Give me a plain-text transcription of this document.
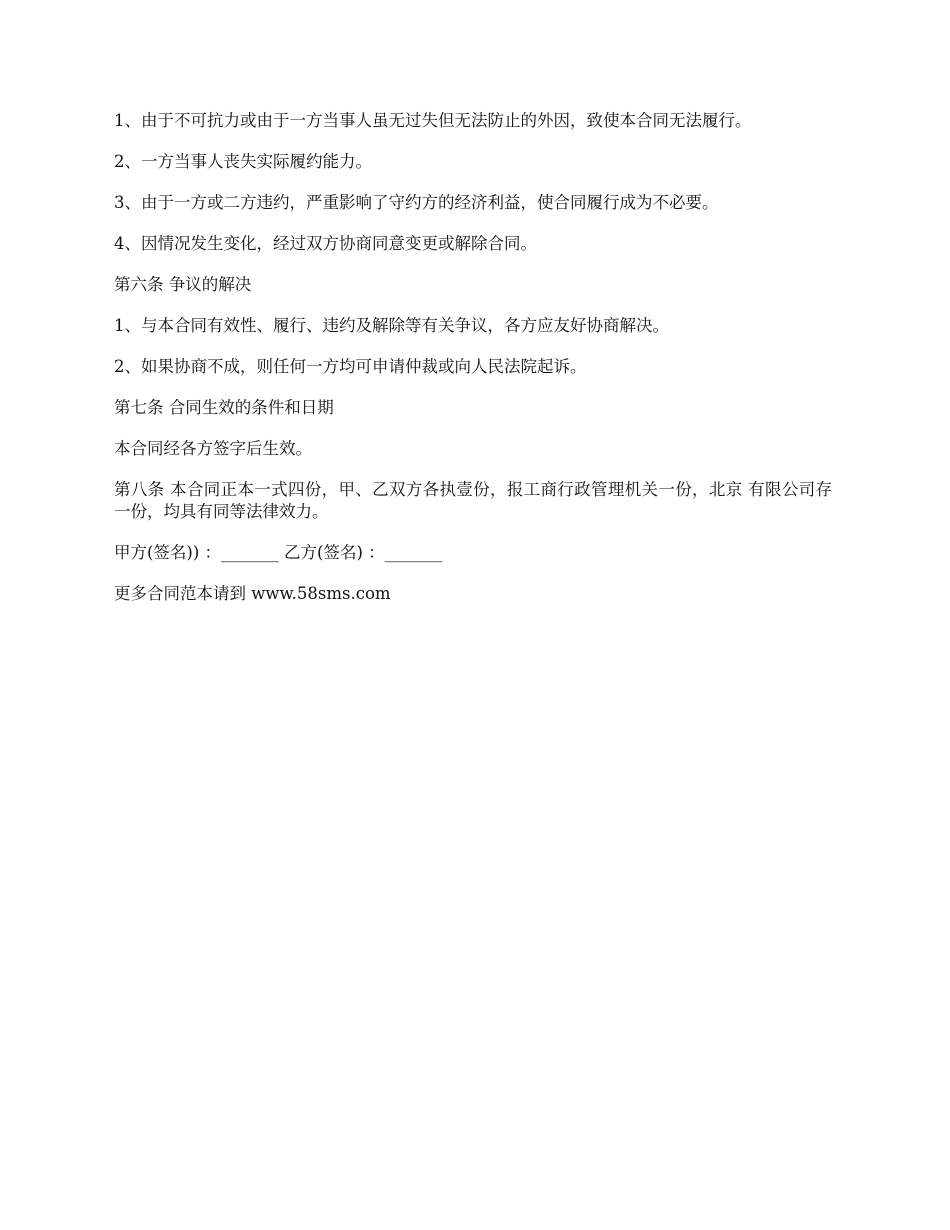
1、由于不可抗力或由于一方当事人虽无过失但无法防止的外因，致使本合同无法履行。

2、一方当事人丧失实际履约能力。

3、由于一方或二方违约，严重影响了守约方的经济利益，使合同履行成为不必要。

4、因情况发生变化，经过双方协商同意变更或解除合同。

第六条 争议的解决

1、与本合同有效性、履行、违约及解除等有关争议，各方应友好协商解决。

2、如果协商不成，则任何一方均可申请仲裁或向人民法院起诉。

第七条 合同生效的条件和日期

本合同经各方签字后生效。

第八条 本合同正本一式四份，甲、乙双方各执壹份，报工商行政管理机关一份，北京 有限公司存一份，均具有同等法律效力。

甲方(签名)) ：_______ 乙方(签名) ：_______

更多合同范本请到 www.58sms.com
